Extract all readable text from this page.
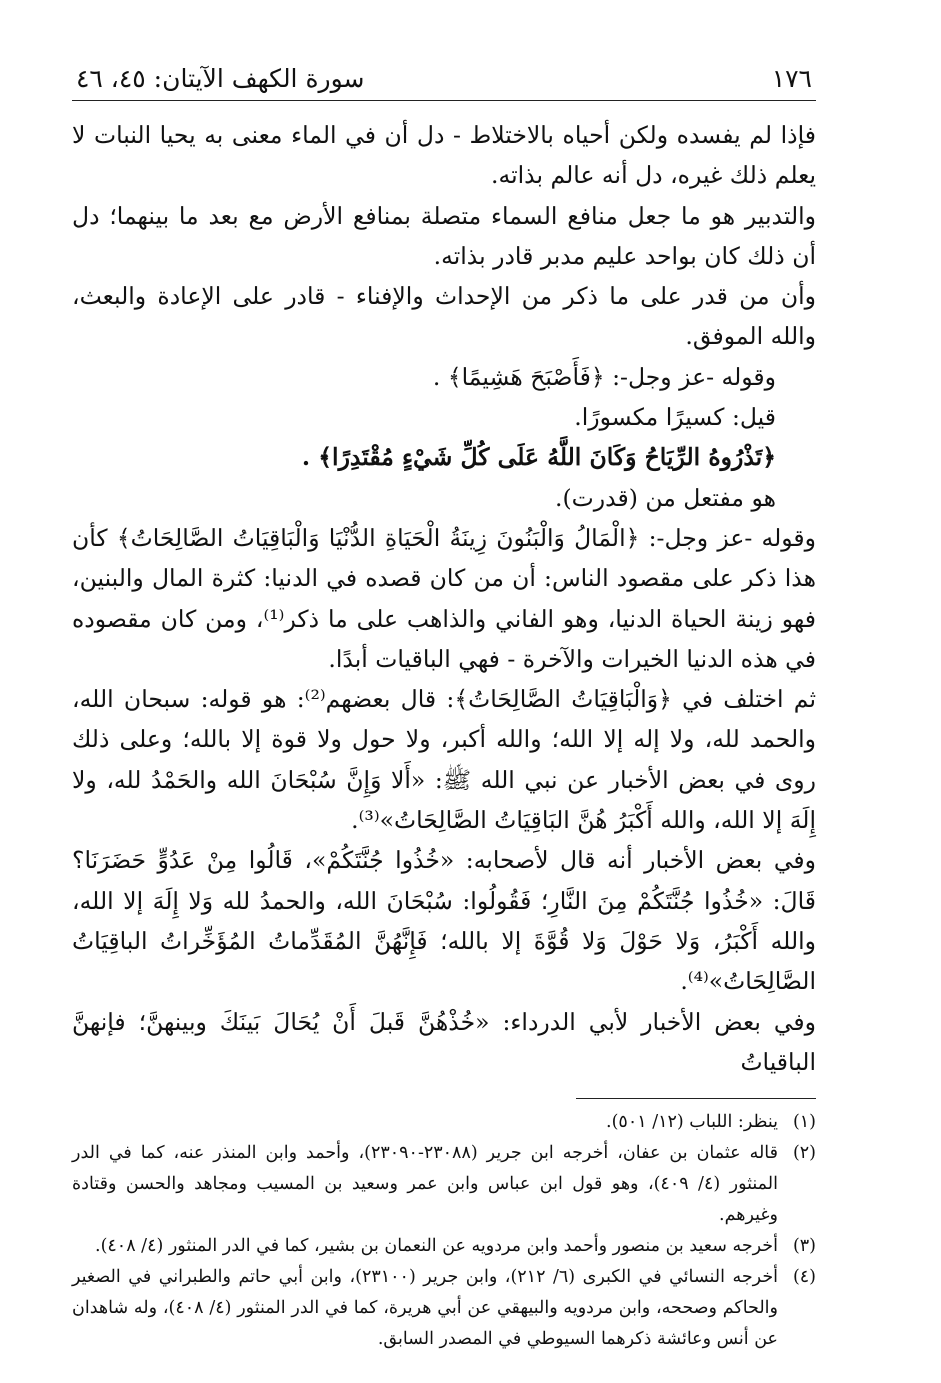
١٧٦
سورة الكهف الآيتان: ٤٥، ٤٦

فإذا لم يفسده ولكن أحياه بالاختلاط - دل أن في الماء معنى به يحيا النبات لا يعلم ذلك غيره، دل أنه عالم بذاته.

والتدبير هو ما جعل منافع السماء متصلة بمنافع الأرض مع بعد ما بينهما؛ دل أن ذلك كان بواحد عليم مدبر قادر بذاته.

وأن من قدر على ما ذكر من الإحداث والإفناء - قادر على الإعادة والبعث، والله الموفق.

وقوله -عز وجل-: ﴿فَأَصْبَحَ هَشِيمًا﴾ .

قيل: كسيرًا مكسورًا.

﴿تَذْرُوهُ الرِّيَاحُ وَكَانَ اللَّهُ عَلَى كُلِّ شَيْءٍ مُقْتَدِرًا﴾ .

هو مفتعل من (قدرت).

وقوله -عز وجل-: ﴿الْمَالُ وَالْبَنُونَ زِينَةُ الْحَيَاةِ الدُّنْيَا وَالْبَاقِيَاتُ الصَّالِحَاتُ﴾ كأن هذا ذكر على مقصود الناس: أن من كان قصده في الدنيا: كثرة المال والبنين، فهو زينة الحياة الدنيا، وهو الفاني والذاهب على ما ذكر⁽¹⁾، ومن كان مقصوده في هذه الدنيا الخيرات والآخرة - فهي الباقيات أبدًا.

ثم اختلف في ﴿وَالْبَاقِيَاتُ الصَّالِحَاتُ﴾: قال بعضهم⁽²⁾: هو قوله: سبحان الله، والحمد لله، ولا إله إلا الله؛ والله أكبر، ولا حول ولا قوة إلا بالله؛ وعلى ذلك روى في بعض الأخبار عن نبي الله ﷺ: «أَلا وَإِنَّ سُبْحَانَ الله والحَمْدُ لله، ولا إِلَهَ إلا الله، والله أَكْبَرُ هُنَّ البَاقِيَاتُ الصَّالِحَاتُ»⁽³⁾.

وفي بعض الأخبار أنه قال لأصحابه: «خُذُوا جُنَّتَكُمْ»، قَالُوا مِنْ عَدُوٍّ حَضَرَنَا؟ قَالَ: «خُذُوا جُنَّتَكُمْ مِنَ النَّارِ؛ فَقُولُوا: سُبْحَانَ الله، والحمدُ لله وَلا إِلَهَ إلا الله، والله أَكْبَرُ، وَلا حَوْلَ وَلا قُوَّةَ إلا بالله؛ فَإِنَّهُنَّ المُقَدِّماتُ المُؤَخِّراتُ الباقِيَاتُ الصَّالِحَاتُ»⁽⁴⁾.

وفي بعض الأخبار لأبي الدرداء: «خُذْهُنَّ قَبلَ أَنْ يُحَالَ بَينَكَ وبينهنَّ؛ فإنهنَّ الباقياتُ

(١)
ينظر: اللباب (١٢/ ٥٠١).
(٢)
قاله عثمان بن عفان، أخرجه ابن جرير (٢٣٠٨٨-٢٣٠٩٠)، وأحمد وابن المنذر عنه، كما في الدر المنثور (٤/ ٤٠٩)، وهو قول ابن عباس وابن عمر وسعيد بن المسيب ومجاهد والحسن وقتادة وغيرهم.
(٣)
أخرجه سعيد بن منصور وأحمد وابن مردويه عن النعمان بن بشير، كما في الدر المنثور (٤/ ٤٠٨).
(٤)
أخرجه النسائي في الكبرى (٦/ ٢١٢)، وابن جرير (٢٣١٠٠)، وابن أبي حاتم والطبراني في الصغير والحاكم وصححه، وابن مردويه والبيهقي عن أبي هريرة، كما في الدر المنثور (٤/ ٤٠٨)، وله شاهدان عن أنس وعائشة ذكرهما السيوطي في المصدر السابق.
